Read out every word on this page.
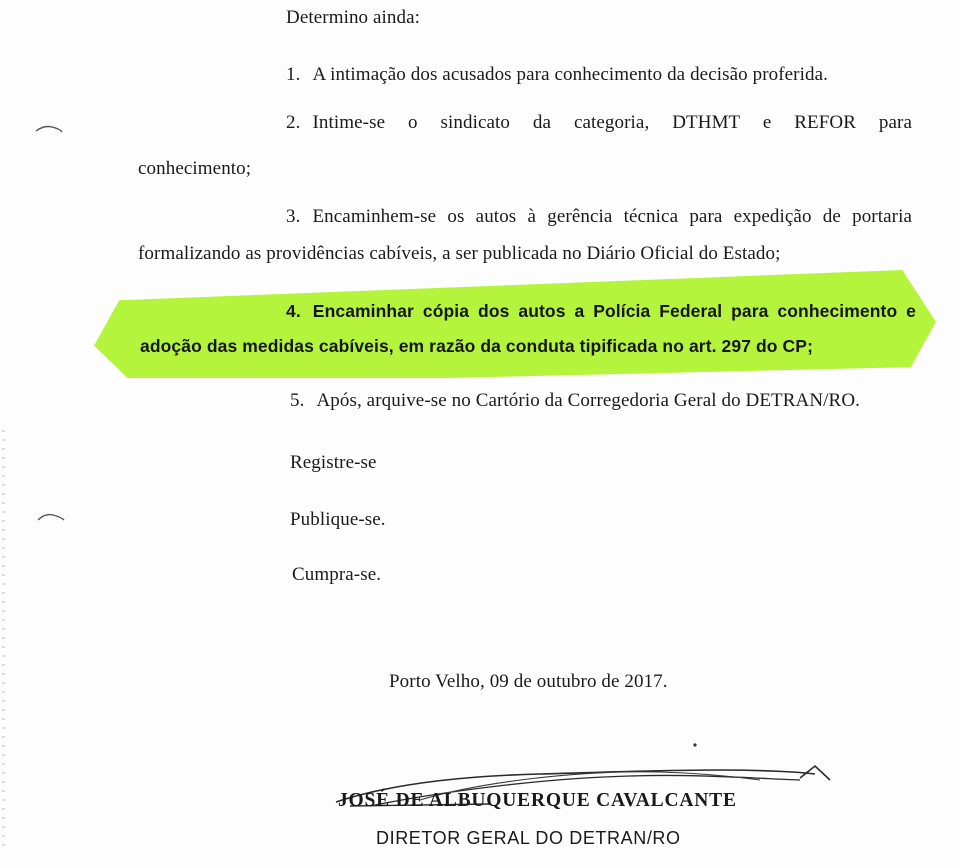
Determino ainda:
1. A intimação dos acusados para conhecimento da decisão proferida.
2. Intime-se o sindicato da categoria, DTHMT e REFOR para
conhecimento;
3. Encaminhem-se os autos à gerência técnica para expedição de portaria
formalizando as providências cabíveis, a ser publicada no Diário Oficial do Estado;
4. Encaminhar cópia dos autos a Polícia Federal para conhecimento e
adoção das medidas cabíveis, em razão da conduta tipificada no art. 297 do CP;
5. Após, arquive-se no Cartório da Corregedoria Geral do DETRAN/RO.
Registre-se
Publique-se.
Cumpra-se.
Porto Velho, 09 de outubro de 2017.
JOSÉ DE ALBUQUERQUE CAVALCANTE
DIRETOR GERAL DO DETRAN/RO
